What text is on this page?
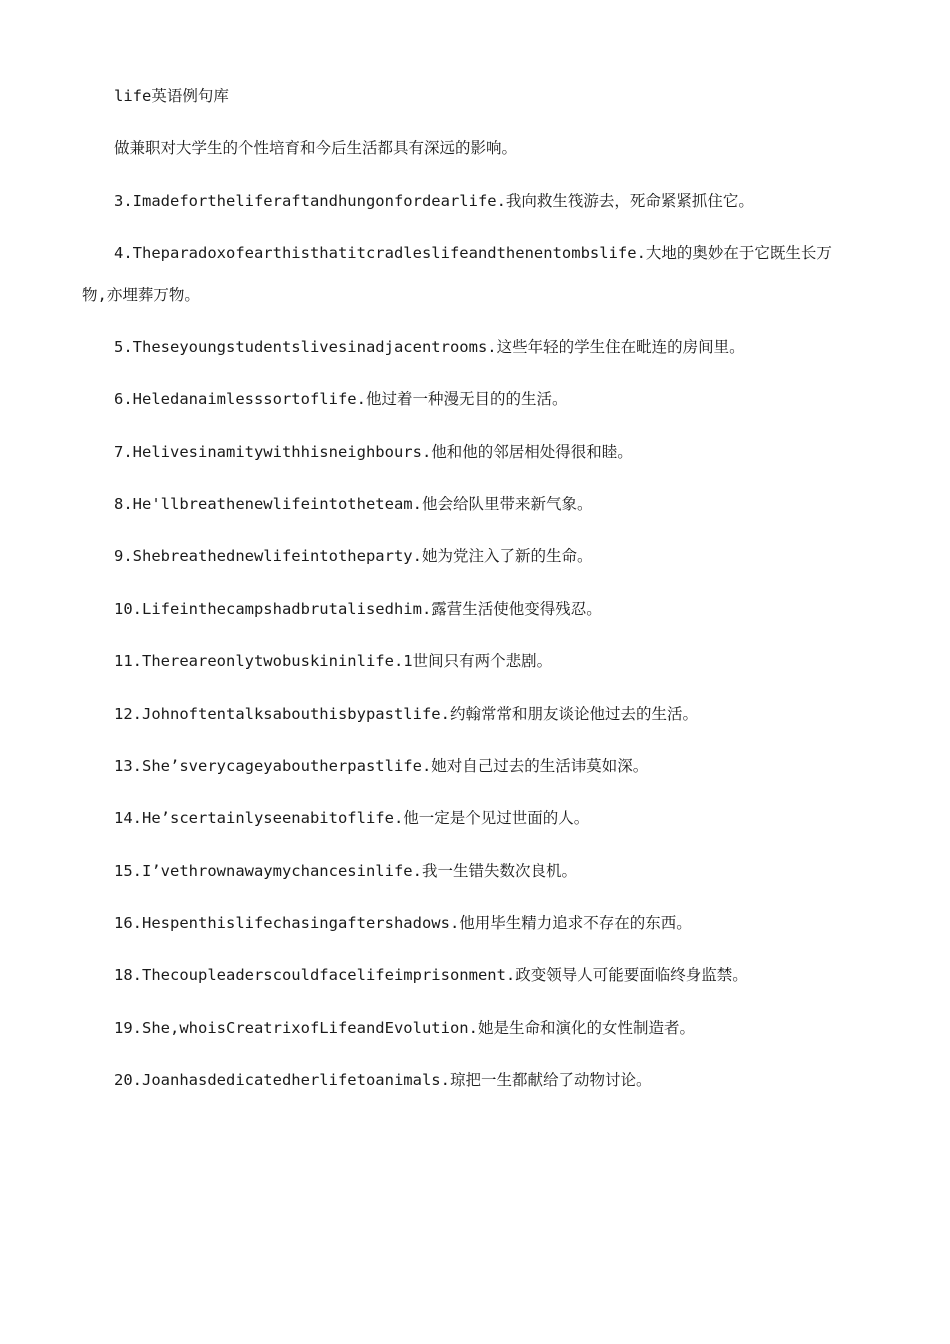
life英语例句库
做兼职对大学生的个性培育和今后生活都具有深远的影响。
3.Imadefortheliferaftandhungonfordearlife.我向救生筏游去，死命紧紧抓住它。
4.Theparadoxofearthisthatitcradleslifeandthenentombslife.大地的奥妙在于它既生长万
物,亦埋葬万物。
5.Theseyoungstudentslivesinadjacentrooms.这些年轻的学生住在毗连的房间里。
6.Heledanaimlesssortoflife.他过着一种漫无目的的生活。
7.Helivesinamitywithhisneighbours.他和他的邻居相处得很和睦。
8.He'llbreathenewlifeintotheteam.他会给队里带来新气象。
9.Shebreathednewlifeintotheparty.她为党注入了新的生命。
10.Lifeinthecampshadbrutalisedhim.露营生活使他变得残忍。
11.Thereareonlytwobuskininlife.1世间只有两个悲剧。
12.Johnoftentalksabouthisbypastlife.约翰常常和朋友谈论他过去的生活。
13.She’sverycageyaboutherpastlife.她对自己过去的生活讳莫如深。
14.He’scertainlyseenabitoflife.他一定是个见过世面的人。
15.I’vethrownawaymychancesinlife.我一生错失数次良机。
16.Hespenthislifechasingaftershadows.他用毕生精力追求不存在的东西。
18.Thecoupleaderscouldfacelifeimprisonment.政变领导人可能要面临终身监禁。
19.She,whoisCreatrixofLifeandEvolution.她是生命和演化的女性制造者。
20.Joanhasdedicatedherlifetoanimals.琼把一生都献给了动物讨论。
